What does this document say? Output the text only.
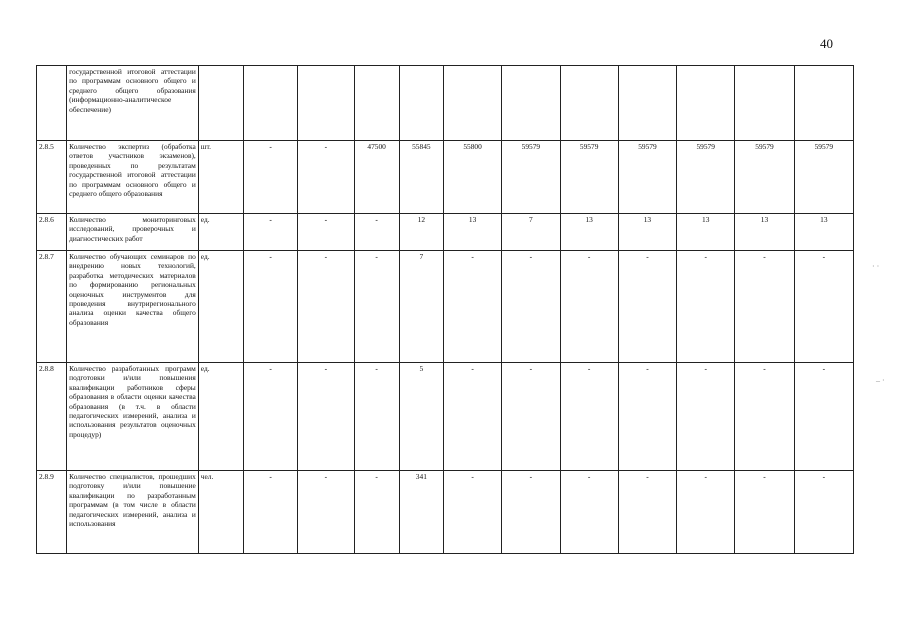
40
	государственной итоговой аттестации по программам основного общего и среднего общего образования (информационно-аналитическое обеспечение)												
2.8.5	Количество экспертиз (обработка ответов участников экзаменов), проведенных по результатам государственной итоговой аттестации по программам основного общего и среднего общего образования	шт.	-	-	47500	55845	55800	59579	59579	59579	59579	59579	59579
2.8.6	Количество мониторинговых исследований, проверочных и диагностических работ	ед.	-	-	-	12	13	7	13	13	13	13	13
2.8.7	Количество обучающих семинаров по внедрению новых технологий, разработка методических материалов по формированию региональных оценочных инструментов для проведения внутрирегионального анализа оценки качества общего образования	ед.	-	-	-	7	-	-	-	-	-	-	-
2.8.8	Количество разработанных программ подготовки и/или повышения квалификации работников сферы образования в области оценки качества образования (в т.ч. в области педагогических измерений, анализа и использования результатов оценочных процедур)	ед.	-	-	-	5	-	-	-	-	-	-	-
2.8.9	Количество специалистов, прошедших подготовку и/или повышение квалификации по разработанным программам (в том числе в области педагогических измерений, анализа и использования	чел.	-	-	-	341	-	-	-	-	-	-	-
· ·
‒ ·
